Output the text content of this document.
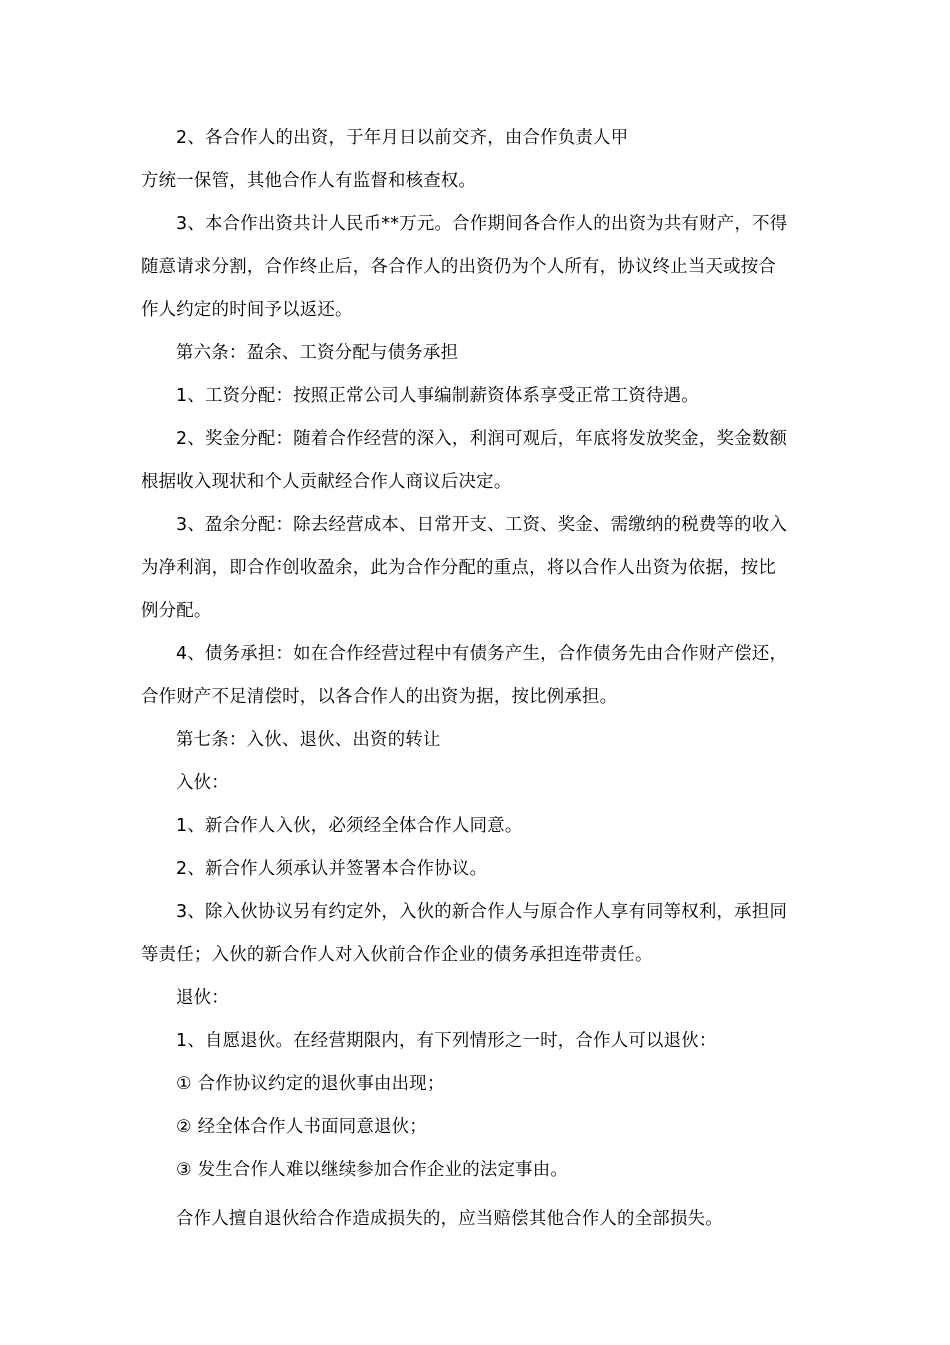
2、各合作人的出资，于年月日以前交齐，由合作负责人甲
方统一保管，其他合作人有监督和核查权。
3、本合作出资共计人民币**万元。合作期间各合作人的出资为共有财产，不得
随意请求分割，合作终止后，各合作人的出资仍为个人所有，协议终止当天或按合
作人约定的时间予以返还。
第六条：盈余、工资分配与债务承担
1、工资分配：按照正常公司人事编制薪资体系享受正常工资待遇。
2、奖金分配：随着合作经营的深入，利润可观后，年底将发放奖金，奖金数额
根据收入现状和个人贡献经合作人商议后决定。
3、盈余分配：除去经营成本、日常开支、工资、奖金、需缴纳的税费等的收入
为净利润，即合作创收盈余，此为合作分配的重点，将以合作人出资为依据，按比
例分配。
4、债务承担：如在合作经营过程中有债务产生，合作债务先由合作财产偿还，
合作财产不足清偿时，以各合作人的出资为据，按比例承担。
第七条：入伙、退伙、出资的转让
入伙：
1、新合作人入伙，必须经全体合作人同意。
2、新合作人须承认并签署本合作协议。
3、除入伙协议另有约定外，入伙的新合作人与原合作人享有同等权利，承担同
等责任；入伙的新合作人对入伙前合作企业的债务承担连带责任。
退伙：
1、自愿退伙。在经营期限内，有下列情形之一时，合作人可以退伙：
① 合作协议约定的退伙事由出现；
② 经全体合作人书面同意退伙；
③ 发生合作人难以继续参加合作企业的法定事由。
合作人擅自退伙给合作造成损失的，应当赔偿其他合作人的全部损失。
